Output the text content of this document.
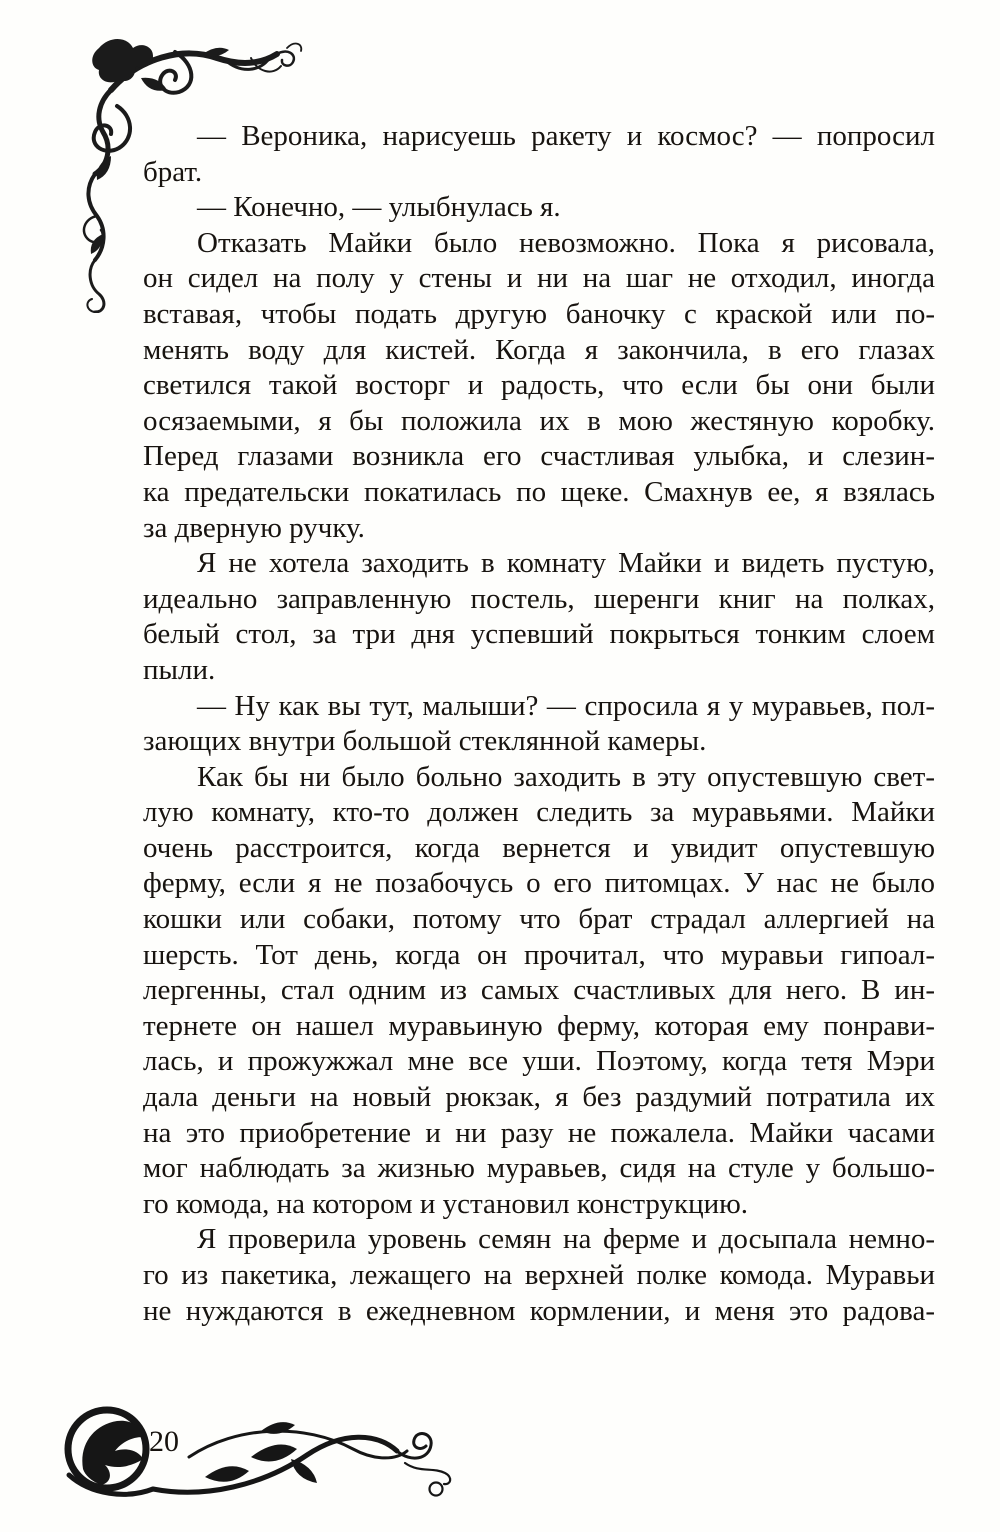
— Вероника, нарисуешь ракету и космос? — попросил
брат.
— Конечно, — улыбнулась я.
Отказать Майки было невозможно. Пока я рисовала,
он сидел на полу у стены и ни на шаг не отходил, иногда
вставая, чтобы подать другую баночку с краской или по-
менять воду для кистей. Когда я закончила, в его глазах
светился такой восторг и радость, что если бы они были
осязаемыми, я бы положила их в мою жестяную коробку.
Перед глазами возникла его счастливая улыбка, и слезин-
ка предательски покатилась по щеке. Смахнув ее, я взялась
за дверную ручку.
Я не хотела заходить в комнату Майки и видеть пустую,
идеально заправленную постель, шеренги книг на полках,
белый стол, за три дня успевший покрыться тонким слоем
пыли.
— Ну как вы тут, малыши? — спросила я у муравьев, пол-
зающих внутри большой стеклянной камеры.
Как бы ни было больно заходить в эту опустевшую свет-
лую комнату, кто-то должен следить за муравьями. Майки
очень расстроится, когда вернется и увидит опустевшую
ферму, если я не позабочусь о его питомцах. У нас не было
кошки или собаки, потому что брат страдал аллергией на
шерсть. Тот день, когда он прочитал, что муравьи гипоал-
лергенны, стал одним из самых счастливых для него. В ин-
тернете он нашел муравьиную ферму, которая ему понрави-
лась, и прожужжал мне все уши. Поэтому, когда тетя Мэри
дала деньги на новый рюкзак, я без раздумий потратила их
на это приобретение и ни разу не пожалела. Майки часами
мог наблюдать за жизнью муравьев, сидя на стуле у большо-
го комода, на котором и установил конструкцию.
Я проверила уровень семян на ферме и досыпала немно-
го из пакетика, лежащего на верхней полке комода. Муравьи
не нуждаются в ежедневном кормлении, и меня это радова-
20
